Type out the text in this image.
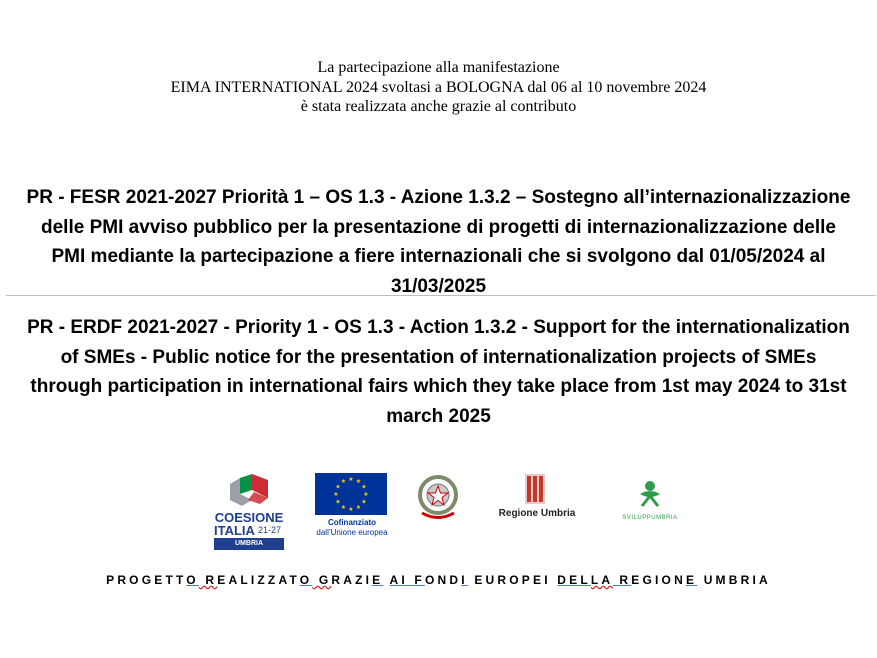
La partecipazione alla manifestazione
EIMA INTERNATIONAL 2024 svoltasi a BOLOGNA dal 06 al 10 novembre 2024
è stata realizzata anche grazie al contributo
PR - FESR 2021-2027 Priorità 1 – OS 1.3 - Azione 1.3.2 – Sostegno all’internazionalizzazione
delle PMI avviso pubblico per la presentazione di progetti di internazionalizzazione delle
PMI mediante la partecipazione a fiere internazionali che si svolgono dal 01/05/2024 al
31/03/2025
PR - ERDF 2021-2027 - Priority 1 - OS 1.3 - Action 1.3.2 - Support for the internationalization
of SMEs - Public notice for the presentation of internationalization projects of SMEs
through participation in international fairs which they take place from 1st may 2024 to 31st
march 2025
COESIONE
ITALIA 21-27
UMBRIA
★ ★
★
★
★
★
★
★
★
★
★
★
Cofinanziato
dall’Unione europea
Regione Umbria	SVILUPPUMBRIA
PROGETTO REALIZZATO GRAZIE AI FONDI EUROPEI DELLA REGIONE UMBRIA
